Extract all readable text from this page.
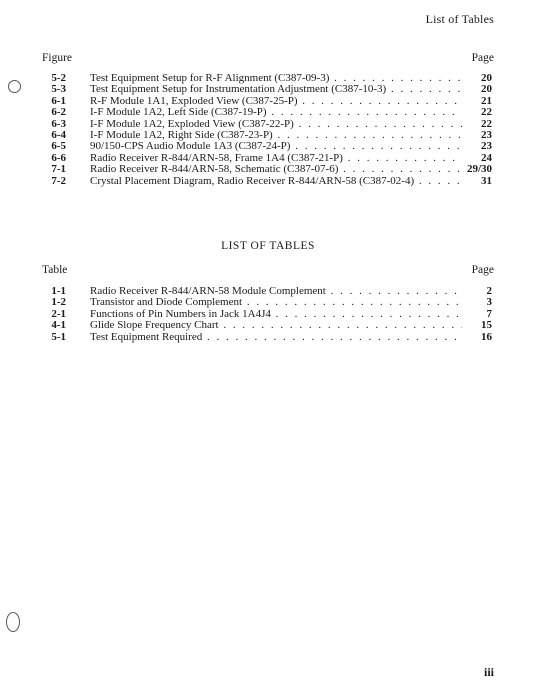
List of Tables
Figure	Page
5-2 Test Equipment Setup for R-F Alignment (C387-09-3) . . .	20
5-3 Test Equipment Setup for Instrumentation Adjustment (C387-10-3) . . .	20
6-1 R-F Module 1A1, Exploded View (C387-25-P) . . .	21
6-2 I-F Module 1A2, Left Side (C387-19-P) . . .	22
6-3 I-F Module 1A2, Exploded View (C387-22-P) . . .	22
6-4 I-F Module 1A2, Right Side (C387-23-P) . . .	23
6-5 90/150-CPS Audio Module 1A3 (C387-24-P) . . .	23
6-6 Radio Receiver R-844/ARN-58, Frame 1A4 (C387-21-P) . . .	24
7-1 Radio Receiver R-844/ARN-58, Schematic (C387-07-6) . . .	29/30
7-2 Crystal Placement Diagram, Radio Receiver R-844/ARN-58 (C387-02-4) . . .	31
LIST OF TABLES
Table	Page
1-1 Radio Receiver R-844/ARN-58 Module Complement . . .	2
1-2 Transistor and Diode Complement . . .	3
2-1 Functions of Pin Numbers in Jack 1A4J4 . . .	7
4-1 Glide Slope Frequency Chart . . .	15
5-1 Test Equipment Required . . .	16
iii
